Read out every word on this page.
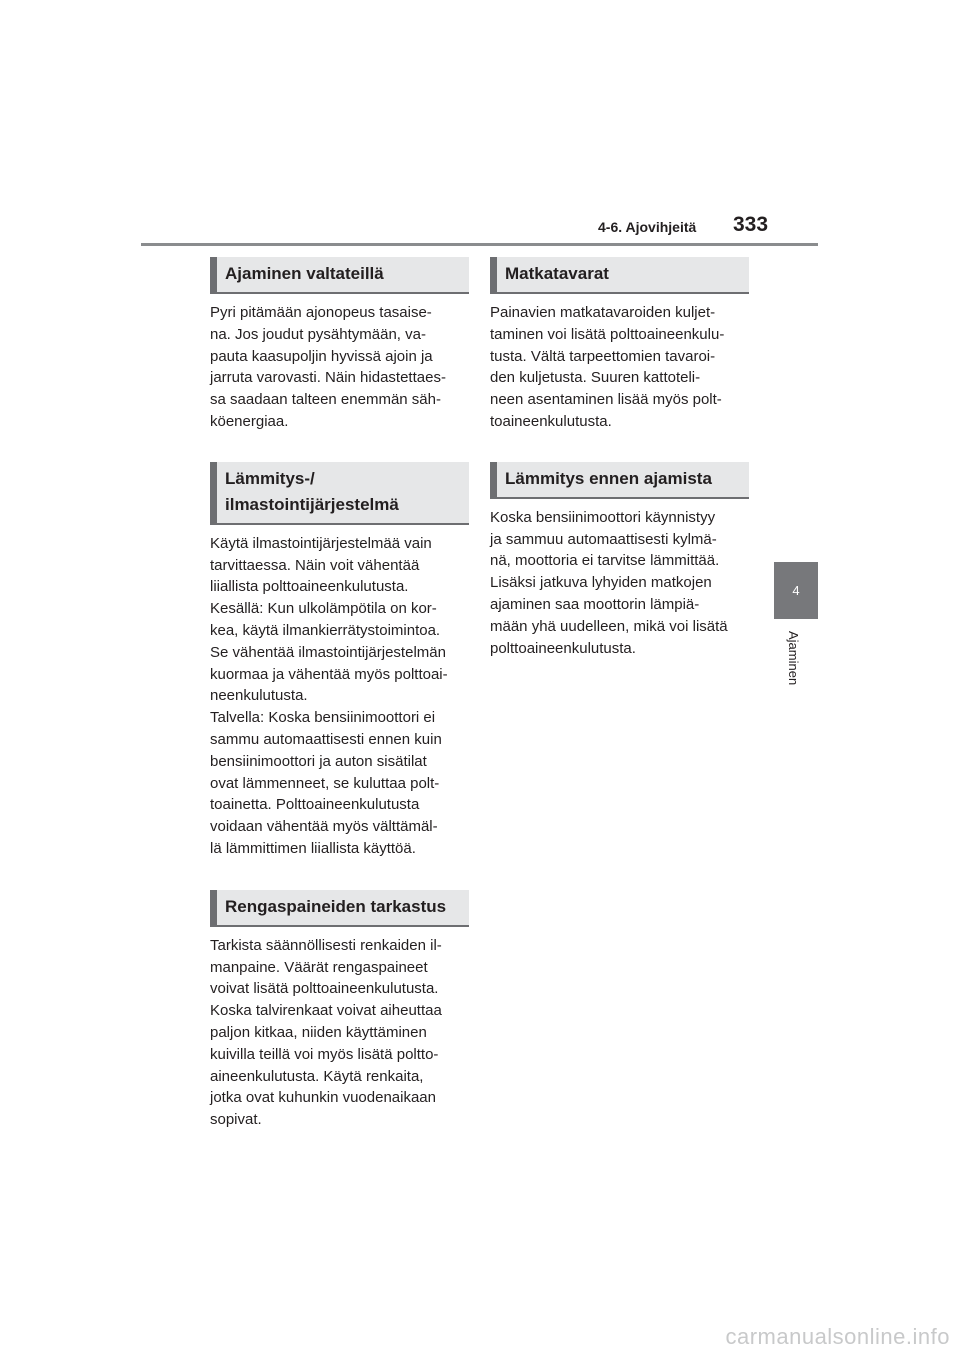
4-6. Ajovihjeitä 333
4
Ajaminen
Ajaminen valtateillä
Pyri pitämään ajonopeus tasaise-
na. Jos joudut pysähtymään, va-
pauta kaasupoljin hyvissä ajoin ja
jarruta varovasti. Näin hidastettaes-
sa saadaan talteen enemmän säh-
köenergiaa.
Lämmitys-/
ilmastointijärjestelmä
Käytä ilmastointijärjestelmää vain
tarvittaessa. Näin voit vähentää
liiallista polttoaineenkulutusta.
Kesällä: Kun ulkolämpötila on kor-
kea, käytä ilmankierrätystoimintoa.
Se vähentää ilmastointijärjestelmän
kuormaa ja vähentää myös polttoai-
neenkulutusta.
Talvella: Koska bensiinimoottori ei
sammu automaattisesti ennen kuin
bensiinimoottori ja auton sisätilat
ovat lämmenneet, se kuluttaa polt-
toainetta. Polttoaineenkulutusta
voidaan vähentää myös välttämäl-
lä lämmittimen liiallista käyttöä.
Rengaspaineiden tarkastus
Tarkista säännöllisesti renkaiden il-
manpaine. Väärät rengaspaineet
voivat lisätä polttoaineenkulutusta.
Koska talvirenkaat voivat aiheuttaa
paljon kitkaa, niiden käyttäminen
kuivilla teillä voi myös lisätä poltto-
aineenkulutusta. Käytä renkaita,
jotka ovat kuhunkin vuodenaikaan
sopivat.
Matkatavarat
Painavien matkatavaroiden kuljet-
taminen voi lisätä polttoaineenkulu-
tusta. Vältä tarpeettomien tavaroi-
den kuljetusta. Suuren kattoteli-
neen asentaminen lisää myös polt-
toaineenkulutusta.
Lämmitys ennen ajamista
Koska bensiinimoottori käynnistyy
ja sammuu automaattisesti kylmä-
nä, moottoria ei tarvitse lämmittää.
Lisäksi jatkuva lyhyiden matkojen
ajaminen saa moottorin lämpiä-
mään yhä uudelleen, mikä voi lisätä
polttoaineenkulutusta.
carmanualsonline.info
